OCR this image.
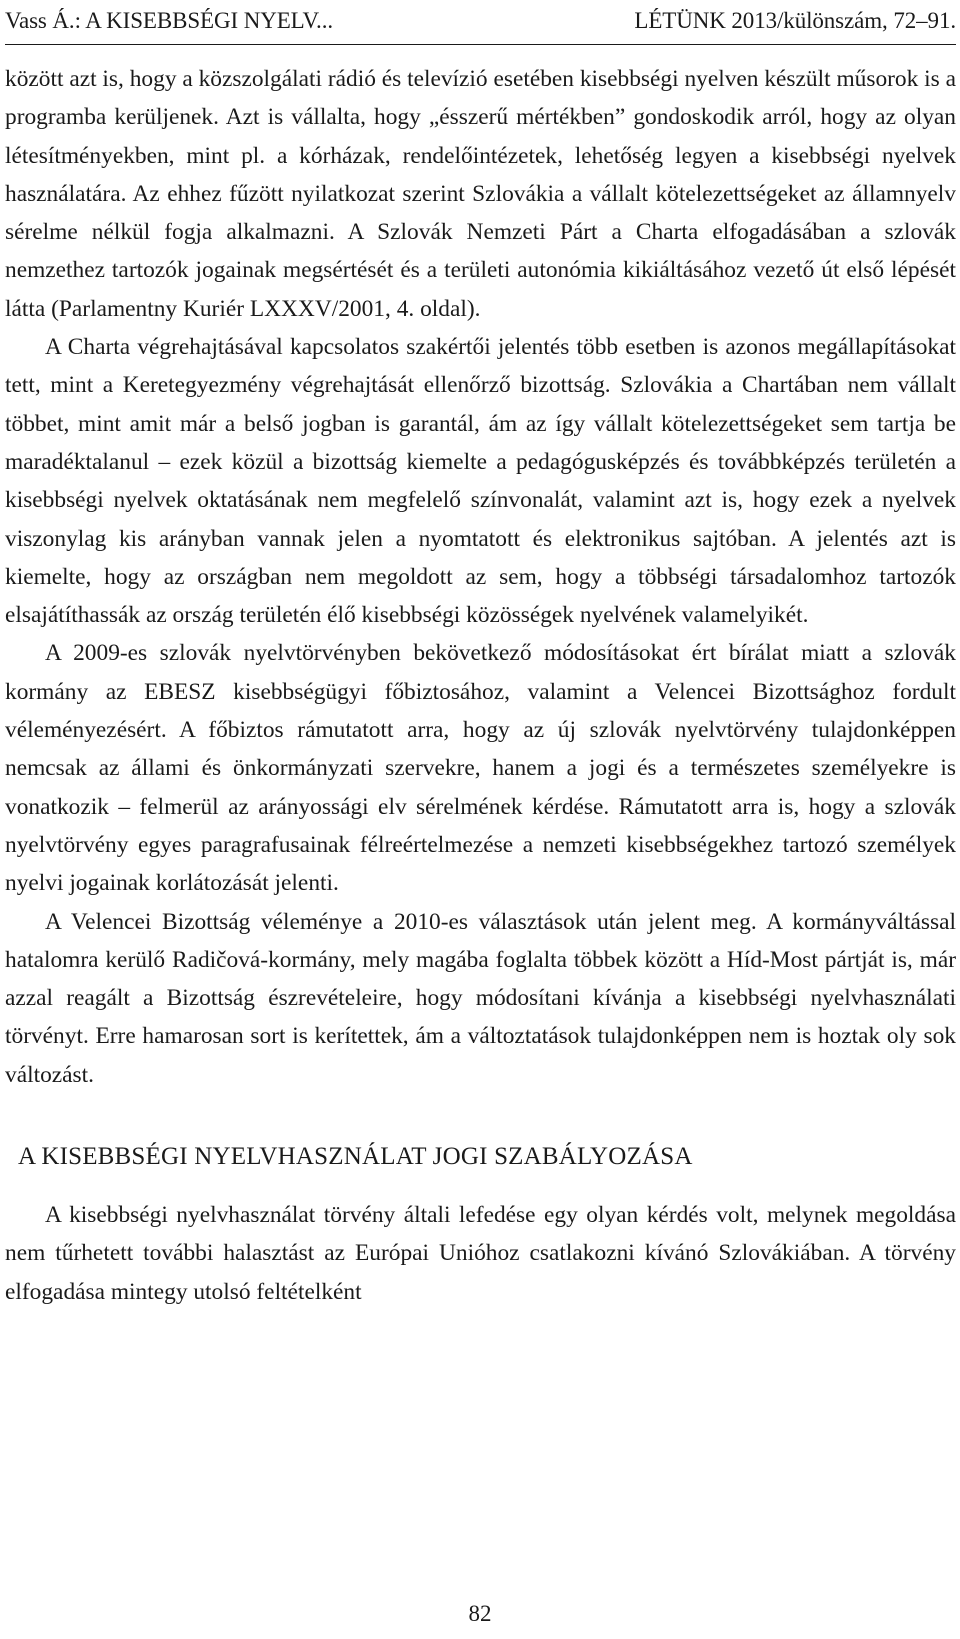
Vass Á.: A KISEBBSÉGI NYELV...	LÉTÜNK 2013/különszám, 72–91.

között azt is, hogy a közszolgálati rádió és televízió esetében kisebbségi nyelven készült műsorok is a programba kerüljenek. Azt is vállalta, hogy „ésszerű mértékben” gondoskodik arról, hogy az olyan létesítményekben, mint pl. a kórházak, rendelőintézetek, lehetőség legyen a kisebbségi nyelvek használatára. Az ehhez fűzött nyilatkozat szerint Szlovákia a vállalt kötelezettségeket az államnyelv sérelme nélkül fogja alkalmazni. A Szlovák Nemzeti Párt a Charta elfogadásában a szlovák nemzethez tartozók jogainak megsértését és a területi autonómia kikiáltásához vezető út első lépését látta (Parlamentny Kuriér LXXXV/2001, 4. oldal).

A Charta végrehajtásával kapcsolatos szakértői jelentés több esetben is azonos megállapításokat tett, mint a Keretegyezmény végrehajtását ellenőrző bizottság. Szlovákia a Chartában nem vállalt többet, mint amit már a belső jogban is garantál, ám az így vállalt kötelezettségeket sem tartja be maradéktalanul – ezek közül a bizottság kiemelte a pedagógusképzés és továbbképzés területén a kisebbségi nyelvek oktatásának nem megfelelő színvonalát, valamint azt is, hogy ezek a nyelvek viszonylag kis arányban vannak jelen a nyomtatott és elektronikus sajtóban. A jelentés azt is kiemelte, hogy az országban nem megoldott az sem, hogy a többségi társadalomhoz tartozók elsajátíthassák az ország területén élő kisebbségi közösségek nyelvének valamelyikét.

A 2009-es szlovák nyelvtörvényben bekövetkező módosításokat ért bírálat miatt a szlovák kormány az EBESZ kisebbségügyi főbiztosához, valamint a Velencei Bizottsághoz fordult véleményezésért. A főbiztos rámutatott arra, hogy az új szlovák nyelvtörvény tulajdonképpen nemcsak az állami és önkormányzati szervekre, hanem a jogi és a természetes személyekre is vonatkozik – felmerül az arányossági elv sérelmének kérdése. Rámutatott arra is, hogy a szlovák nyelvtörvény egyes paragrafusainak félreértelmezése a nemzeti kisebbségekhez tartozó személyek nyelvi jogainak korlátozását jelenti.

A Velencei Bizottság véleménye a 2010-es választások után jelent meg. A kormányváltással hatalomra kerülő Radičová-kormány, mely magába foglalta többek között a Híd-Most pártját is, már azzal reagált a Bizottság észrevételeire, hogy módosítani kívánja a kisebbségi nyelvhasználati törvényt. Erre hamarosan sort is kerítettek, ám a változtatások tulajdonképpen nem is hoztak oly sok változást.

A KISEBBSÉGI NYELVHASZNÁLAT JOGI SZABÁLYOZÁSA

A kisebbségi nyelvhasználat törvény általi lefedése egy olyan kérdés volt, melynek megoldása nem tűrhetett további halasztást az Európai Unióhoz csatlakozni kívánó Szlovákiában. A törvény elfogadása mintegy utolsó feltételként

82
